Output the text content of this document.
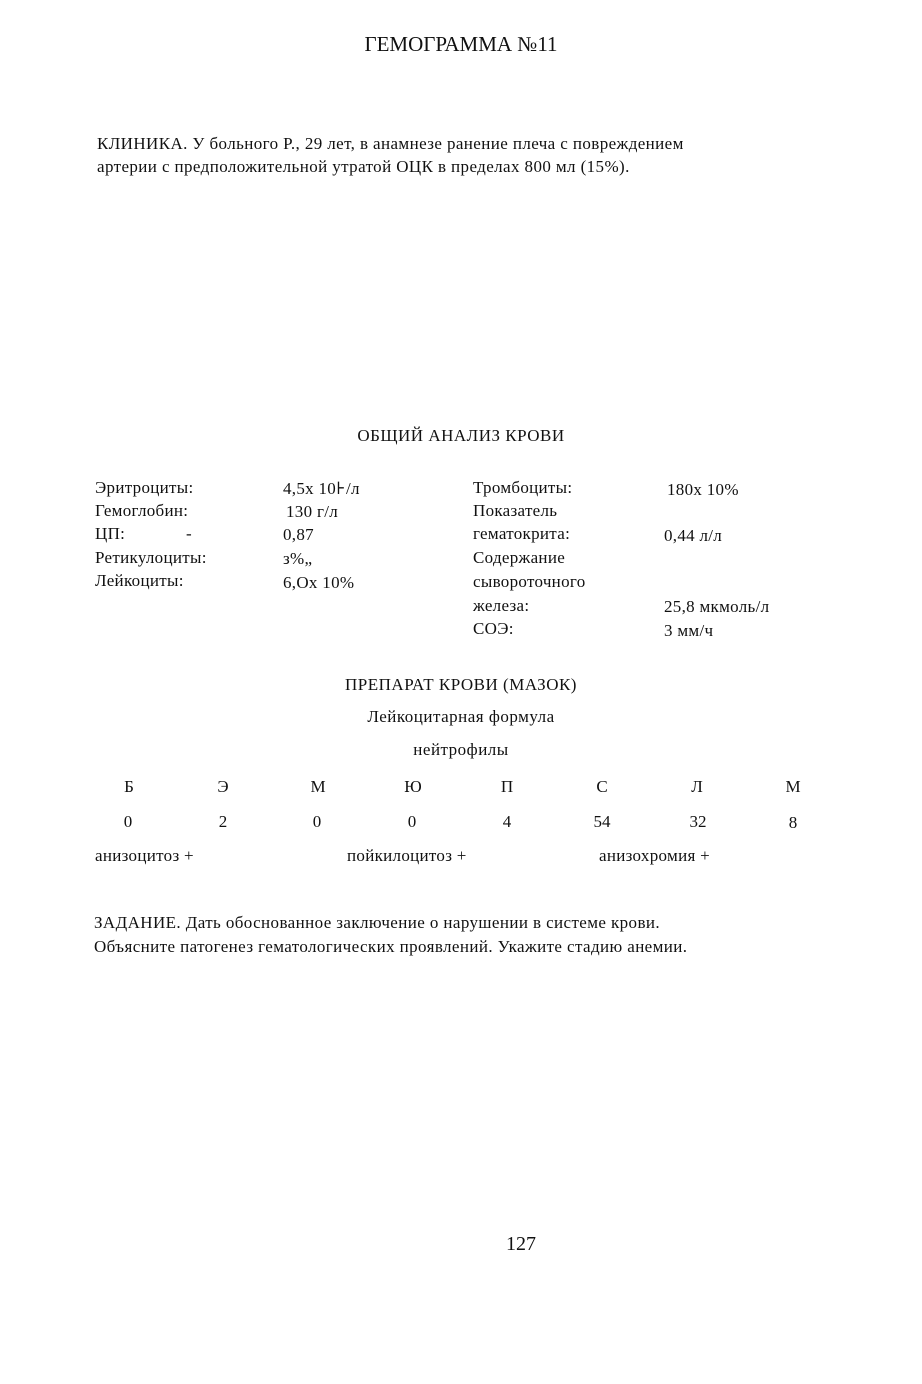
ГЕМОГРАММА №11
КЛИНИКА. У больного Р., 29 лет, в анамнезе ранение плеча с повреждением
артерии с предположительной утратой ОЦК в пределах 800 мл (15%).
ОБЩИЙ АНАЛИЗ КРОВИ
Эритроциты:	4,5x 10⊦/л
Гемоглобин:	130 г/л
ЦП:	-	0,87
Ретикулоциты:	з%„
Лейкоциты:	6,Ox 10%
Тромбоциты:	180x 10%
Показатель
гематокрита:	0,44 л/л
Содержание
сывороточного
железа:	25,8 мкмоль/л
СОЭ:	3 мм/ч
ПРЕПАРАТ КРОВИ (МАЗОК)
Лейкоцитарная формула
нейтрофилы
Б	Э	М	Ю	П	С	Л	М
0	2	0	0	4	54	32	8
анизоцитоз +	пойкилоцитоз +	анизохромия +
ЗАДАНИЕ. Дать обоснованное заключение о нарушении в системе крови.
Объясните патогенез гематологических проявлений. Укажите стадию анемии.
127
